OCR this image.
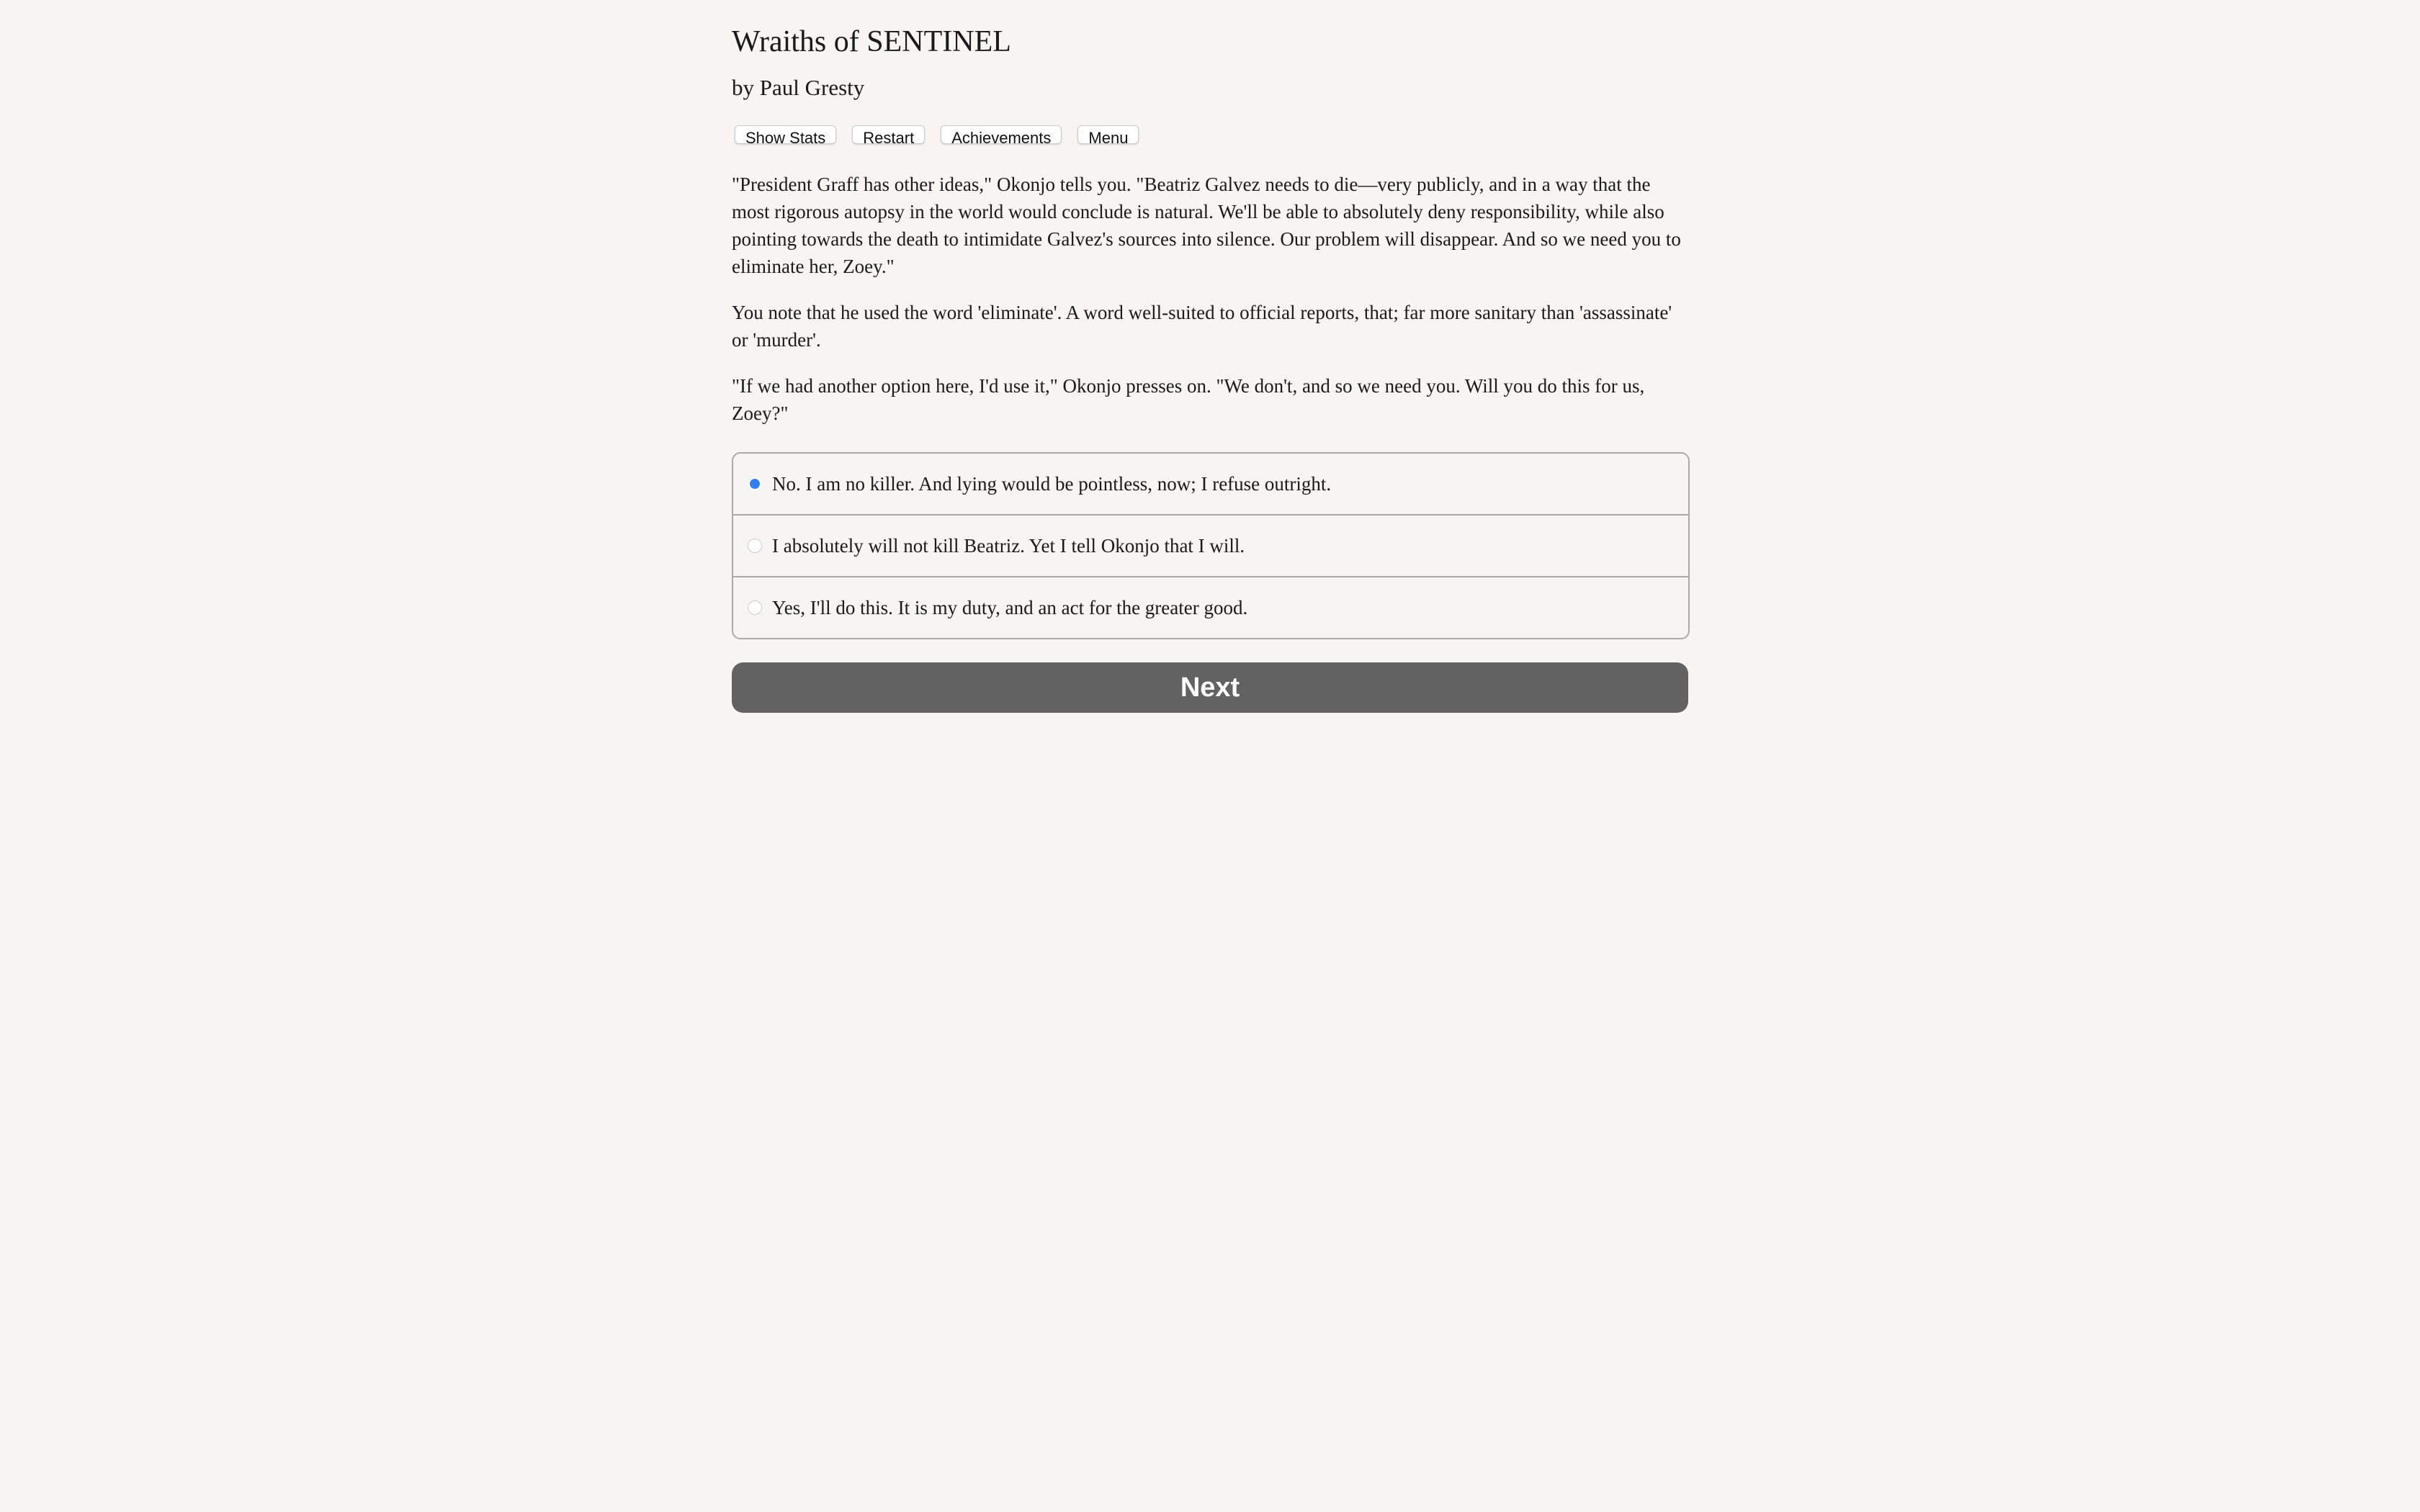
Wraiths of SENTINEL

by Paul Gresty

Show Stats	Restart	Achievements	Menu

"President Graff has other ideas," Okonjo tells you. "Beatriz Galvez needs to die—very publicly, and in a way that the most rigorous autopsy in the world would conclude is natural. We'll be able to absolutely deny responsibility, while also pointing towards the death to intimidate Galvez's sources into silence. Our problem will disappear. And so we need you to eliminate her, Zoey."

You note that he used the word 'eliminate'. A word well-suited to official reports, that; far more sanitary than 'assassinate' or 'murder'.

"If we had another option here, I'd use it," Okonjo presses on. "We don't, and so we need you. Will you do this for us, Zoey?"

No. I am no killer. And lying would be pointless, now; I refuse outright.
I absolutely will not kill Beatriz. Yet I tell Okonjo that I will.
Yes, I'll do this. It is my duty, and an act for the greater good.
Next
